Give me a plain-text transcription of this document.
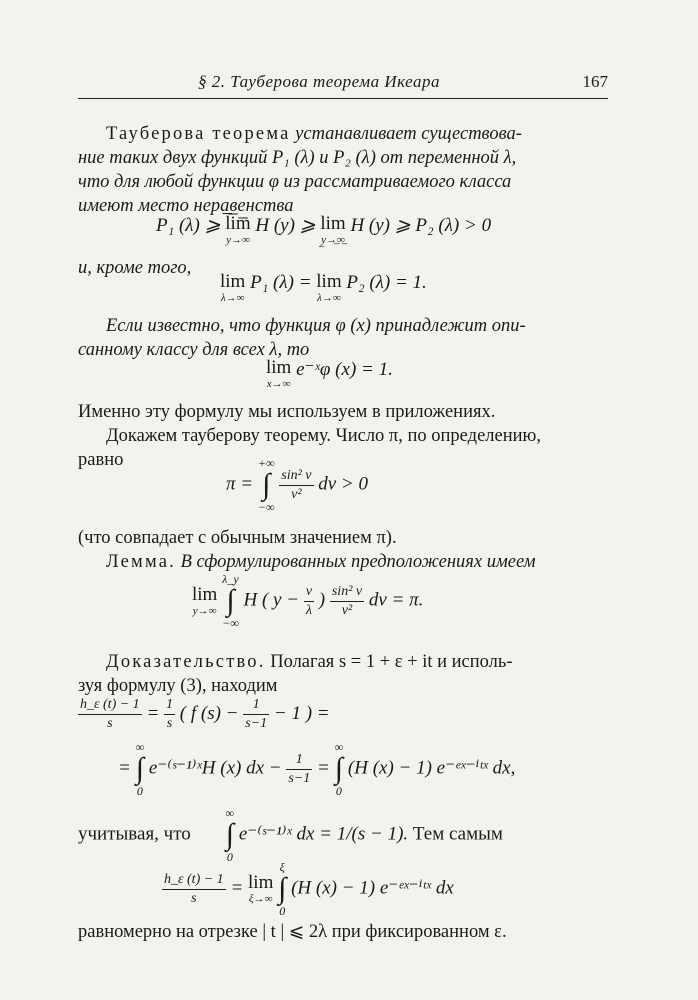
§ 2. Тауберова теорема Икеара	167
Тауберова теорема устанавливает существова-
ние таких двух функций P₁ (λ) и P₂ (λ) от переменной λ,
что для любой функции φ из рассматриваемого класса
имеют место неравенства
P₁ (λ) ⩾ l̅i̅m̅
y→∞
H (y) ⩾ lim
y̲→̲∞̲
H (y) ⩾ P₂ (λ) > 0
и, кроме того,
lim
λ→∞
P₁ (λ) = lim
λ→∞
P₂ (λ) = 1.
Если известно, что функция φ (x) принадлежит опи-
санному классу для всех λ, то
lim
x→∞
e⁻ˣφ (x) = 1.
Именно эту формулу мы используем в приложениях.
Докажем тауберову теорему. Число π, по определению,
равно
π =
+∞
∫
−∞

$\frac{\text{sin² v}}{\text{v²}}$ dv > 0
(что совпадает с обычным значением π).
Лемма. В сформулированных предположениях имеем
lim
y→∞

λ_y
∫
−∞
H ( $y - \frac{v}{\lambda}$ ) $\frac{\text{sin² v}}{\text{v²}}$ dv = π.
Доказательство. Полагая s = 1 + ε + it и исполь-
зуя формулу (3), находим
$\frac{h\_\varepsilon (t) - 1}{s} = \frac{1}{s}$ ( f $(s) - \frac{1}{s-1} - 1$ ) =
=
∞
∫
0
e⁻⁽ˢ⁻¹⁾ˣH (x) dx − $\frac{1}{s-1}$ =
∞
∫
0
(H (x) − 1) e⁻ᵉˣ⁻ⁱᵗˣ dx,
учитывая, что
∞
∫
0
e⁻⁽ˢ⁻¹⁾ˣ dx = 1/(s − 1). Тем самым
$\frac{h\_\varepsilon (t) - 1}{s} = \lim$
ξ→∞

ξ
∫
0
(H (x) − 1) e⁻ᵉˣ⁻ⁱᵗˣ dx
равномерно на отрезке | t | ⩽ 2λ при фиксированном ε.
